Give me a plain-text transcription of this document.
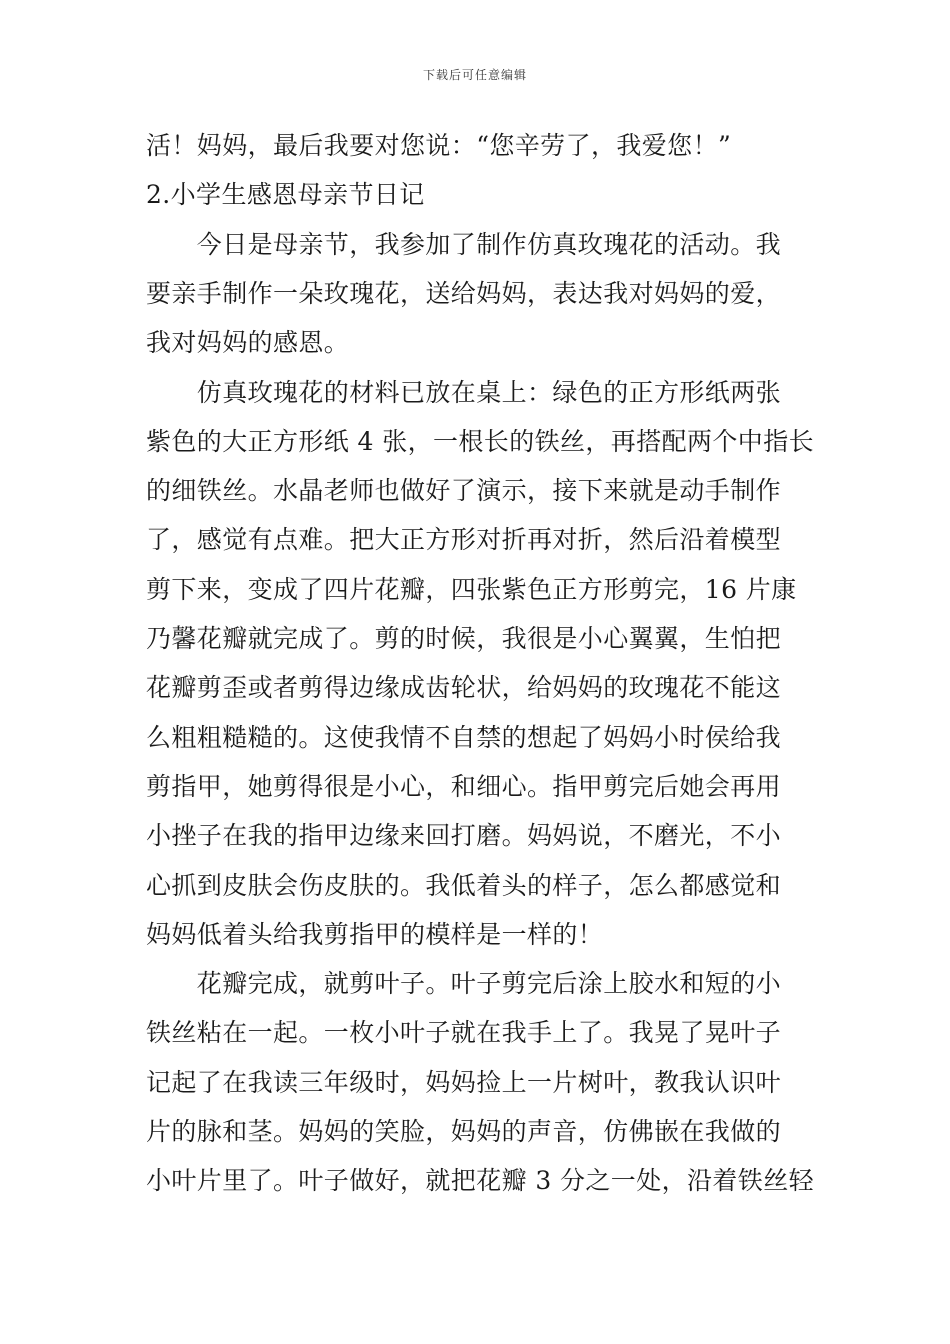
下载后可任意编辑
活！妈妈，最后我要对您说：“您辛劳了，我爱您！”
2.小学生感恩母亲节日记
　　今日是母亲节，我参加了制作仿真玫瑰花的活动。我
要亲手制作一朵玫瑰花，送给妈妈，表达我对妈妈的爱，
我对妈妈的感恩。
　　仿真玫瑰花的材料已放在桌上：绿色的正方形纸两张
紫色的大正方形纸 4 张，一根长的铁丝，再搭配两个中指长
的细铁丝。水晶老师也做好了演示，接下来就是动手制作
了，感觉有点难。把大正方形对折再对折，然后沿着模型
剪下来，变成了四片花瓣，四张紫色正方形剪完，16 片康
乃馨花瓣就完成了。剪的时候，我很是小心翼翼，生怕把
花瓣剪歪或者剪得边缘成齿轮状，给妈妈的玫瑰花不能这
么粗粗糙糙的。这使我情不自禁的想起了妈妈小时侯给我
剪指甲，她剪得很是小心，和细心。指甲剪完后她会再用
小挫子在我的指甲边缘来回打磨。妈妈说，不磨光，不小
心抓到皮肤会伤皮肤的。我低着头的样子，怎么都感觉和
妈妈低着头给我剪指甲的模样是一样的！
　　花瓣完成，就剪叶子。叶子剪完后涂上胶水和短的小
铁丝粘在一起。一枚小叶子就在我手上了。我晃了晃叶子
记起了在我读三年级时，妈妈捡上一片树叶，教我认识叶
片的脉和茎。妈妈的笑脸，妈妈的声音，仿佛嵌在我做的
小叶片里了。叶子做好，就把花瓣 3 分之一处，沿着铁丝轻
